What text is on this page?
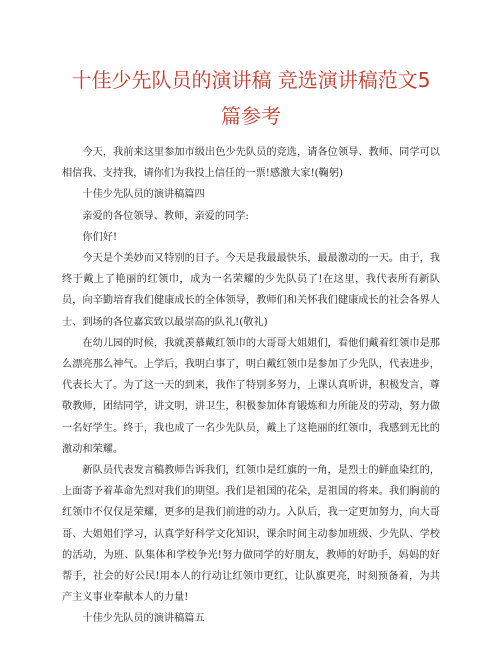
十佳少先队员的演讲稿 竞选演讲稿范文5篇参考

今天，我前来这里参加市级出色少先队员的竞选，请各位领导、教师、同学可以相信我、支持我，请你们为我投上信任的一票!感激大家!(鞠躬)

十佳少先队员的演讲稿篇四

亲爱的各位领导、教师，亲爱的同学:

你们好!

今天是个美妙而又特别的日子。今天是我最最快乐，最最激动的一天。由于，我终于戴上了艳丽的红领巾，成为一名荣耀的少先队员了!在这里，我代表所有新队员，向辛勤培育我们健康成长的全体领导，教师们和关怀我们健康成长的社会各界人士、到场的各位嘉宾致以最崇高的队礼!(敬礼)

在幼儿园的时候，我就羡慕戴红领巾的大哥哥大姐姐们，看他们戴着红领巾是那么漂亮那么神气。上学后，我明白事了，明白戴红领巾是参加了少先队，代表进步，代表长大了。为了这一天的到来，我作了特别多努力，上课认真听讲，积极发言，尊敬教师，团结同学，讲文明，讲卫生，积极参加体育锻炼和力所能及的劳动，努力做一名好学生。终于，我也成了一名少先队员，戴上了这艳丽的红领巾，我感到无比的激动和荣耀。

新队员代表发言稿教师告诉我们，红领巾是红旗的一角，是烈士的鲜血染红的，上面寄予着革命先烈对我们的期望。我们是祖国的花朵，是祖国的将来。我们胸前的红领巾不仅仅是荣耀，更多的是我们前进的动力。入队后，我一定更加努力，向大哥哥、大姐姐们学习，认真学好科学文化知识，课余时间主动参加班级、少先队、学校的活动，为班、队集体和学校争光!努力做同学的好朋友，教师的好助手，妈妈的好帮手，社会的好公民!用本人的行动让红领巾更红，让队旗更亮，时刻预备着，为共产主义事业奉献本人的力量!

十佳少先队员的演讲稿篇五
